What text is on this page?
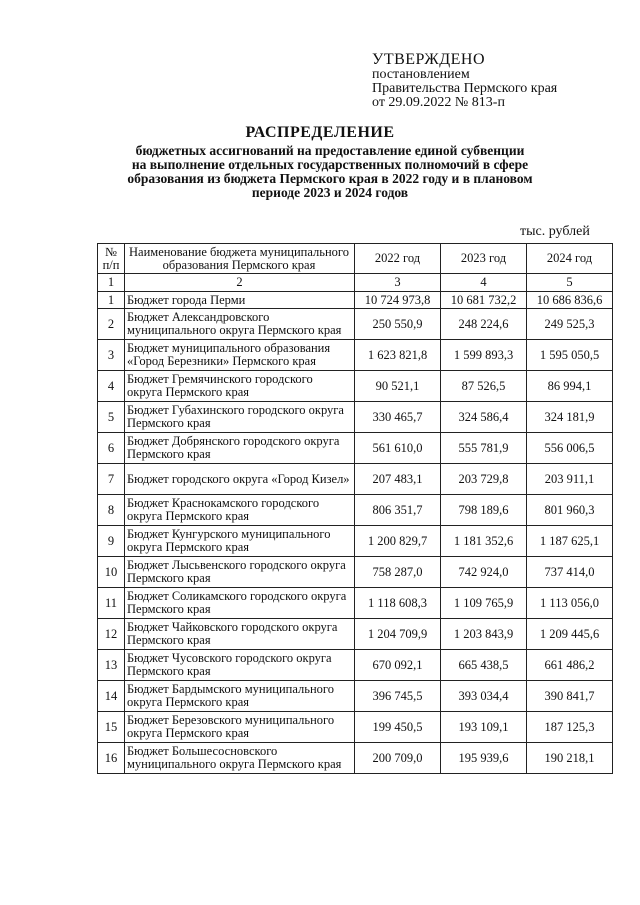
УТВЕРЖДЕНО
постановлением
Правительства Пермского края
от 29.09.2022 № 813-п
РАСПРЕДЕЛЕНИЕ
бюджетных ассигнований на предоставление единой субвенции
на выполнение отдельных государственных полномочий в сфере
образования из бюджета Пермского края в 2022 году и в плановом
периоде 2023 и 2024 годов
тыс. рублей
№ п/п	Наименование бюджета муниципального образования Пермского края	2022 год	2023 год	2024 год
1	2	3	4	5
1	Бюджет города Перми	10 724 973,8	10 681 732,2	10 686 836,6
2	Бюджет Александровского муниципального округа Пермского края	250 550,9	248 224,6	249 525,3
3	Бюджет муниципального образования «Город Березники» Пермского края	1 623 821,8	1 599 893,3	1 595 050,5
4	Бюджет Гремячинского городского округа Пермского края	90 521,1	87 526,5	86 994,1
5	Бюджет Губахинского городского округа Пермского края	330 465,7	324 586,4	324 181,9
6	Бюджет Добрянского городского округа Пермского края	561 610,0	555 781,9	556 006,5
7	Бюджет городского округа «Город Кизел»	207 483,1	203 729,8	203 911,1
8	Бюджет Краснокамского городского округа Пермского края	806 351,7	798 189,6	801 960,3
9	Бюджет Кунгурского муниципального округа Пермского края	1 200 829,7	1 181 352,6	1 187 625,1
10	Бюджет Лысьвенского городского округа Пермского края	758 287,0	742 924,0	737 414,0
11	Бюджет Соликамского городского округа Пермского края	1 118 608,3	1 109 765,9	1 113 056,0
12	Бюджет Чайковского городского округа Пермского края	1 204 709,9	1 203 843,9	1 209 445,6
13	Бюджет Чусовского городского округа Пермского края	670 092,1	665 438,5	661 486,2
14	Бюджет Бардымского муниципального округа Пермского края	396 745,5	393 034,4	390 841,7
15	Бюджет Березовского муниципального округа Пермского края	199 450,5	193 109,1	187 125,3
16	Бюджет Большесосновского муниципального округа Пермского края	200 709,0	195 939,6	190 218,1
